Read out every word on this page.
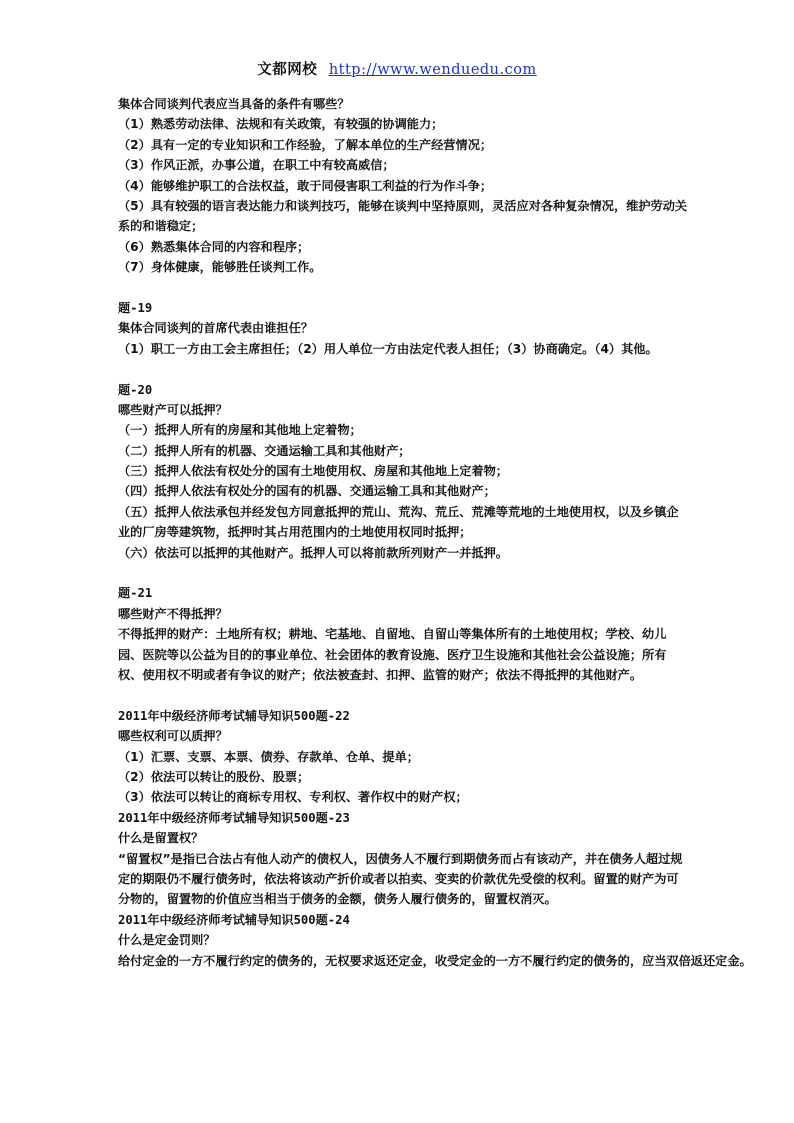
文都网校 http://www.wenduedu.com
集体合同谈判代表应当具备的条件有哪些？
（1）熟悉劳动法律、法规和有关政策，有较强的协调能力；
（2）具有一定的专业知识和工作经验，了解本单位的生产经营情况；
（3）作风正派，办事公道，在职工中有较高威信；
（4）能够维护职工的合法权益，敢于同侵害职工利益的行为作斗争；
（5）具有较强的语言表达能力和谈判技巧，能够在谈判中坚持原则，灵活应对各种复杂情况，维护劳动关系的和谐稳定；
（6）熟悉集体合同的内容和程序；
（7）身体健康，能够胜任谈判工作。
题-19
集体合同谈判的首席代表由谁担任？
（1）职工一方由工会主席担任；（2）用人单位一方由法定代表人担任；（3）协商确定。（4）其他。
题-20
哪些财产可以抵押？
（一）抵押人所有的房屋和其他地上定着物；
（二）抵押人所有的机器、交通运输工具和其他财产；
（三）抵押人依法有权处分的国有土地使用权、房屋和其他地上定着物；
（四）抵押人依法有权处分的国有的机器、交通运输工具和其他财产；
（五）抵押人依法承包并经发包方同意抵押的荒山、荒沟、荒丘、荒滩等荒地的土地使用权，以及乡镇企业的厂房等建筑物，抵押时其占用范围内的土地使用权同时抵押；
（六）依法可以抵押的其他财产。抵押人可以将前款所列财产一并抵押。
题-21
哪些财产不得抵押？
不得抵押的财产：土地所有权；耕地、宅基地、自留地、自留山等集体所有的土地使用权；学校、幼儿园、医院等以公益为目的的事业单位、社会团体的教育设施、医疗卫生设施和其他社会公益设施；所有权、使用权不明或者有争议的财产；依法被查封、扣押、监管的财产；依法不得抵押的其他财产。
2011年中级经济师考试辅导知识500题-22
哪些权利可以质押？
（1）汇票、支票、本票、债券、存款单、仓单、提单；
（2）依法可以转让的股份、股票；
（3）依法可以转让的商标专用权、专利权、著作权中的财产权；
2011年中级经济师考试辅导知识500题-23
什么是留置权？
“留置权”是指已合法占有他人动产的债权人，因债务人不履行到期债务而占有该动产，并在债务人超过规定的期限仍不履行债务时，依法将该动产折价或者以拍卖、变卖的价款优先受偿的权利。留置的财产为可分物的，留置物的价值应当相当于债务的金额，债务人履行债务的，留置权消灭。
2011年中级经济师考试辅导知识500题-24
什么是定金罚则？
给付定金的一方不履行约定的债务的，无权要求返还定金，收受定金的一方不履行约定的债务的，应当双倍返还定金。
